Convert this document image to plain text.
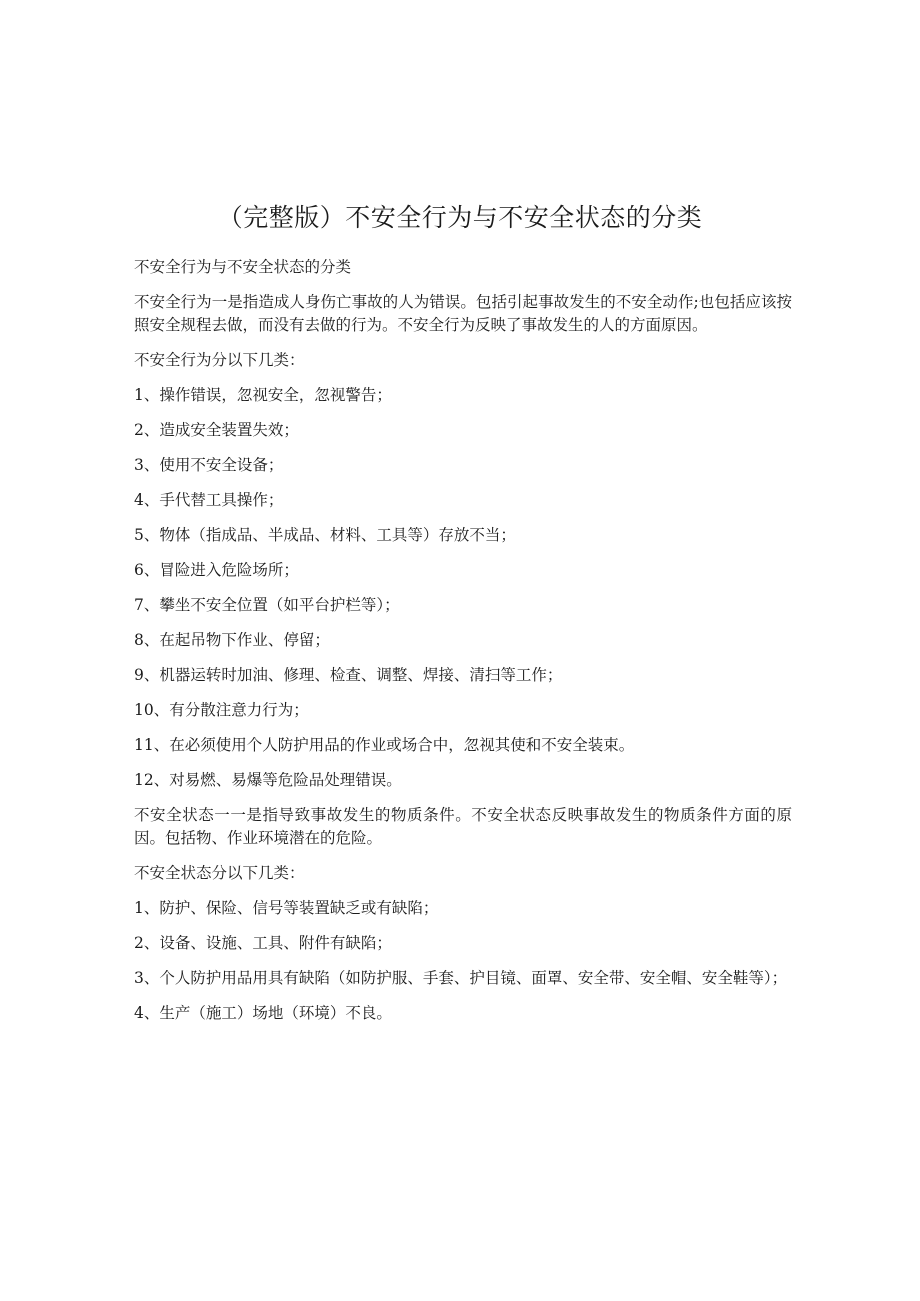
（完整版）不安全行为与不安全状态的分类

不安全行为与不安全状态的分类

不安全行为一是指造成人身伤亡事故的人为错误。包括引起事故发生的不安全动作;也包括应该按照安全规程去做，而没有去做的行为。不安全行为反映了事故发生的人的方面原因。

不安全行为分以下几类：

1、操作错误，忽视安全，忽视警告；

2、造成安全装置失效；

3、使用不安全设备；

4、手代替工具操作；

5、物体（指成品、半成品、材料、工具等）存放不当；

6、冒险进入危险场所；

7、攀坐不安全位置（如平台护栏等）；

8、在起吊物下作业、停留；

9、机器运转时加油、修理、检查、调整、焊接、清扫等工作；

10、有分散注意力行为；

11、在必须使用个人防护用品的作业或场合中，忽视其使和不安全装束。

12、对易燃、易爆等危险品处理错误。

不安全状态一一是指导致事故发生的物质条件。不安全状态反映事故发生的物质条件方面的原因。包括物、作业环境潜在的危险。

不安全状态分以下几类：

1、防护、保险、信号等装置缺乏或有缺陷；

2、设备、设施、工具、附件有缺陷；

3、个人防护用品用具有缺陷（如防护服、手套、护目镜、面罩、安全带、安全帽、安全鞋等）；

4、生产（施工）场地（环境）不良。
